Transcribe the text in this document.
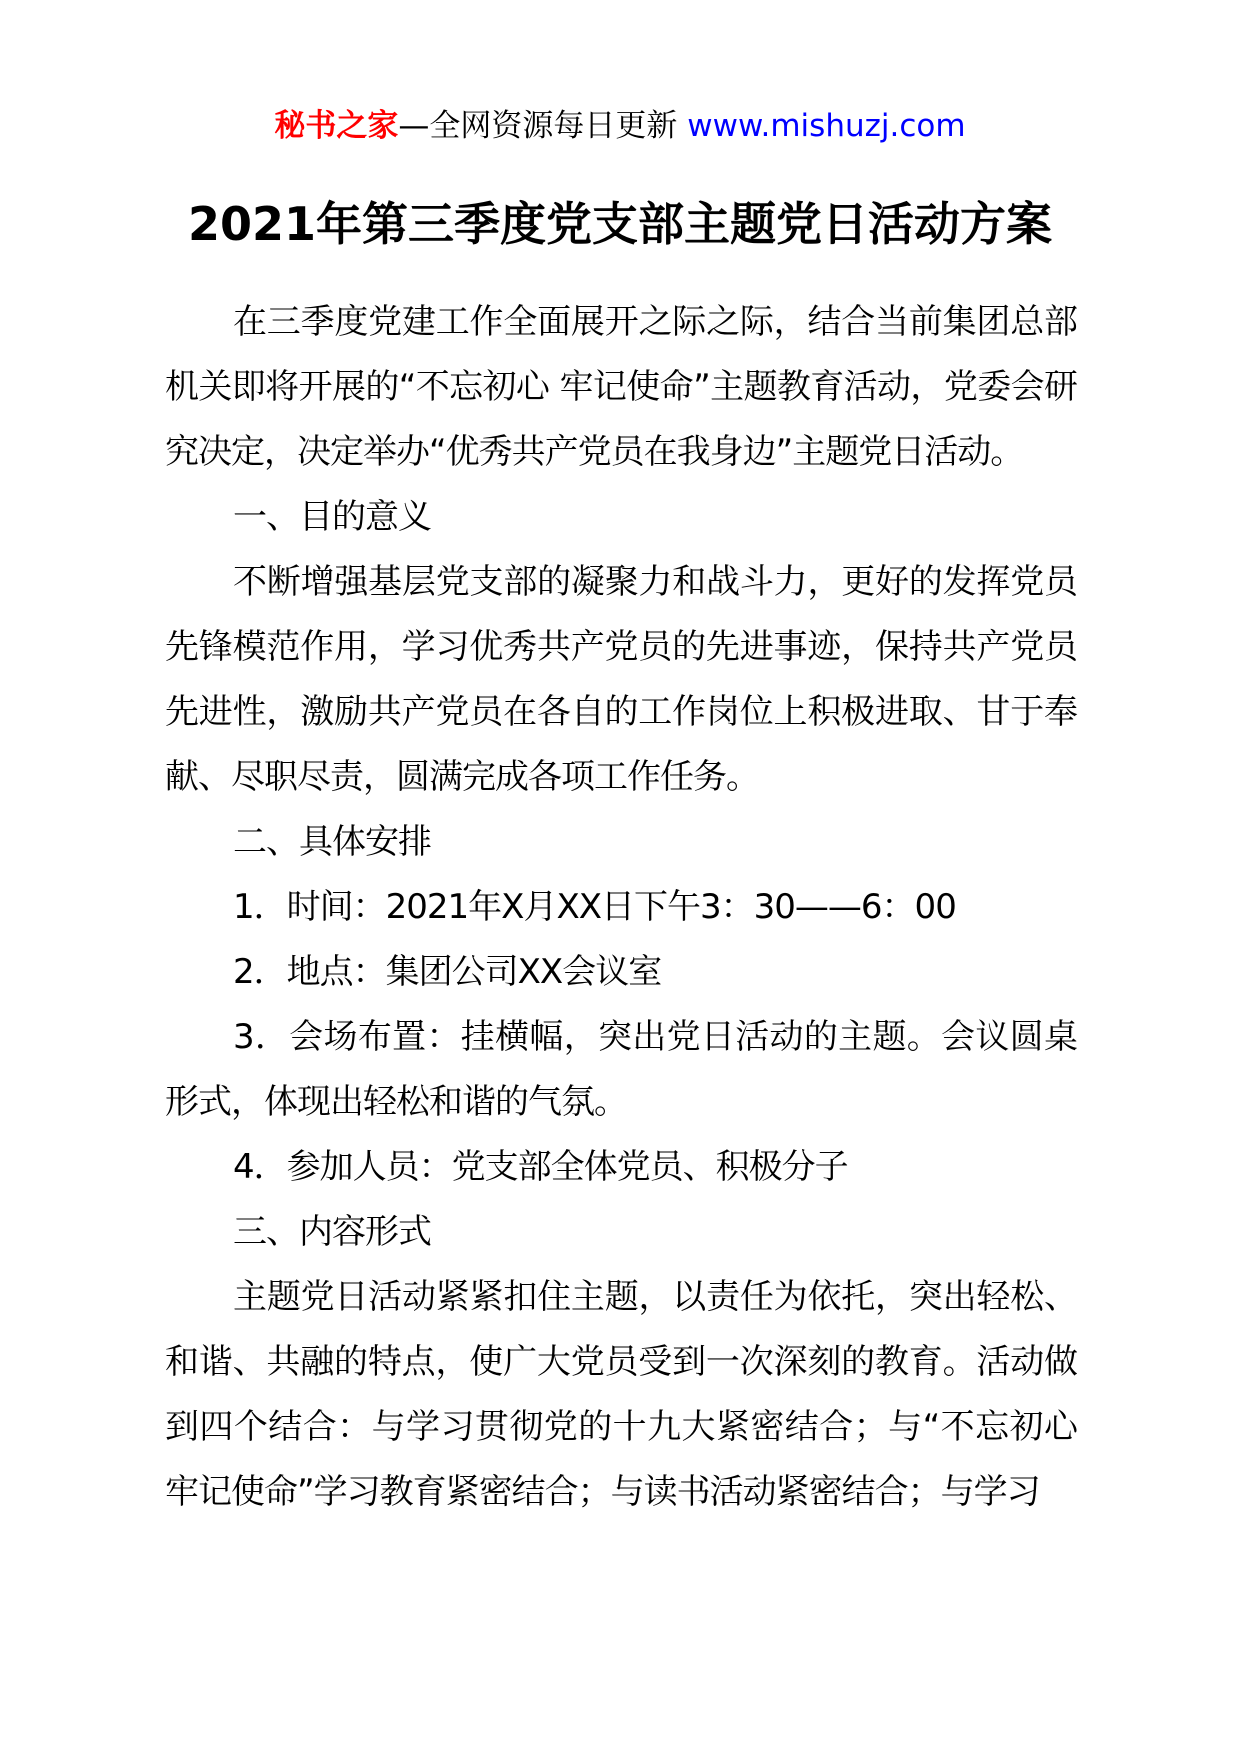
秘书之家—全网资源每日更新 www.mishuzj.com
2021年第三季度党支部主题党日活动方案

在三季度党建工作全面展开之际之际，结合当前集团总部机关即将开展的“不忘初心 牢记使命”主题教育活动，党委会研究决定，决定举办“优秀共产党员在我身边”主题党日活动。

一、目的意义

不断增强基层党支部的凝聚力和战斗力，更好的发挥党员先锋模范作用，学习优秀共产党员的先进事迹，保持共产党员先进性，激励共产党员在各自的工作岗位上积极进取、甘于奉献、尽职尽责，圆满完成各项工作任务。

二、具体安排

1．时间：2021年X月XX日下午3：30——6：00

2．地点：集团公司XX会议室

3．会场布置：挂横幅，突出党日活动的主题。会议圆桌形式，体现出轻松和谐的气氛。

4．参加人员：党支部全体党员、积极分子

三、内容形式

主题党日活动紧紧扣住主题，以责任为依托，突出轻松、和谐、共融的特点，使广大党员受到一次深刻的教育。活动做到四个结合：与学习贯彻党的十九大紧密结合；与“不忘初心 牢记使命”学习教育紧密结合；与读书活动紧密结合；与学习
